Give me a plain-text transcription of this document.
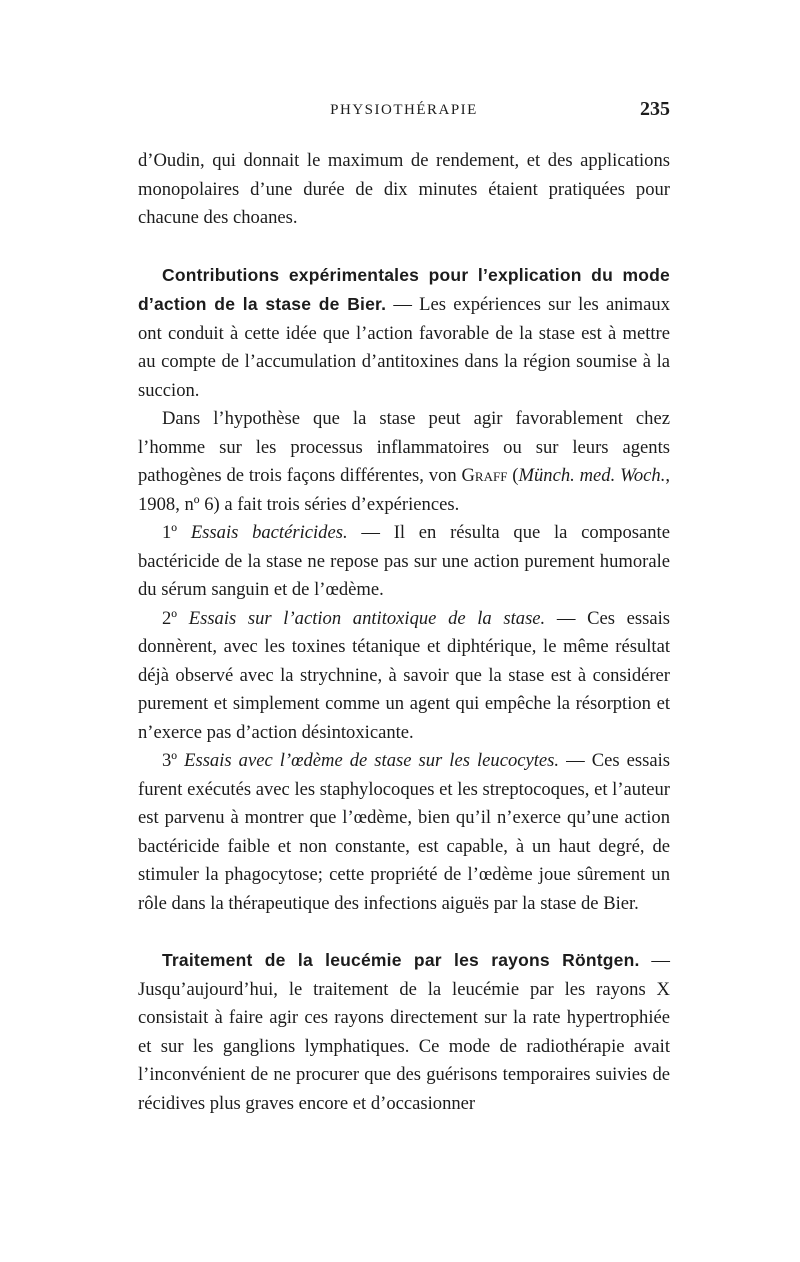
PHYSIOTHÉRAPIE	235

d’Oudin, qui donnait le maximum de rendement, et des applications monopolaires d’une durée de dix minutes étaient pratiquées pour chacune des choanes.

Contributions expérimentales pour l’explication du mode d’action de la stase de Bier. — Les expériences sur les animaux ont conduit à cette idée que l’action favorable de la stase est à mettre au compte de l’accumulation d’antitoxines dans la région soumise à la succion.

Dans l’hypothèse que la stase peut agir favorablement chez l’homme sur les processus inflammatoires ou sur leurs agents pathogènes de trois façons différentes, von Graff (Münch. med. Woch., 1908, nº 6) a fait trois séries d’expériences.

1º Essais bactéricides. — Il en résulta que la composante bactéricide de la stase ne repose pas sur une action purement humorale du sérum sanguin et de l’œdème.

2º Essais sur l’action antitoxique de la stase. — Ces essais donnèrent, avec les toxines tétanique et diphtérique, le même résultat déjà observé avec la strychnine, à savoir que la stase est à considérer purement et simplement comme un agent qui empêche la résorption et n’exerce pas d’action désintoxicante.

3º Essais avec l’œdème de stase sur les leucocytes. — Ces essais furent exécutés avec les staphylocoques et les streptocoques, et l’auteur est parvenu à montrer que l’œdème, bien qu’il n’exerce qu’une action bactéricide faible et non constante, est capable, à un haut degré, de stimuler la phagocytose; cette propriété de l’œdème joue sûrement un rôle dans la thérapeutique des infections aiguës par la stase de Bier.

Traitement de la leucémie par les rayons Röntgen. — Jusqu’aujourd’hui, le traitement de la leucémie par les rayons X consistait à faire agir ces rayons directement sur la rate hypertrophiée et sur les ganglions lymphatiques. Ce mode de radiothérapie avait l’inconvénient de ne procurer que des guérisons temporaires suivies de récidives plus graves encore et d’occasionner
